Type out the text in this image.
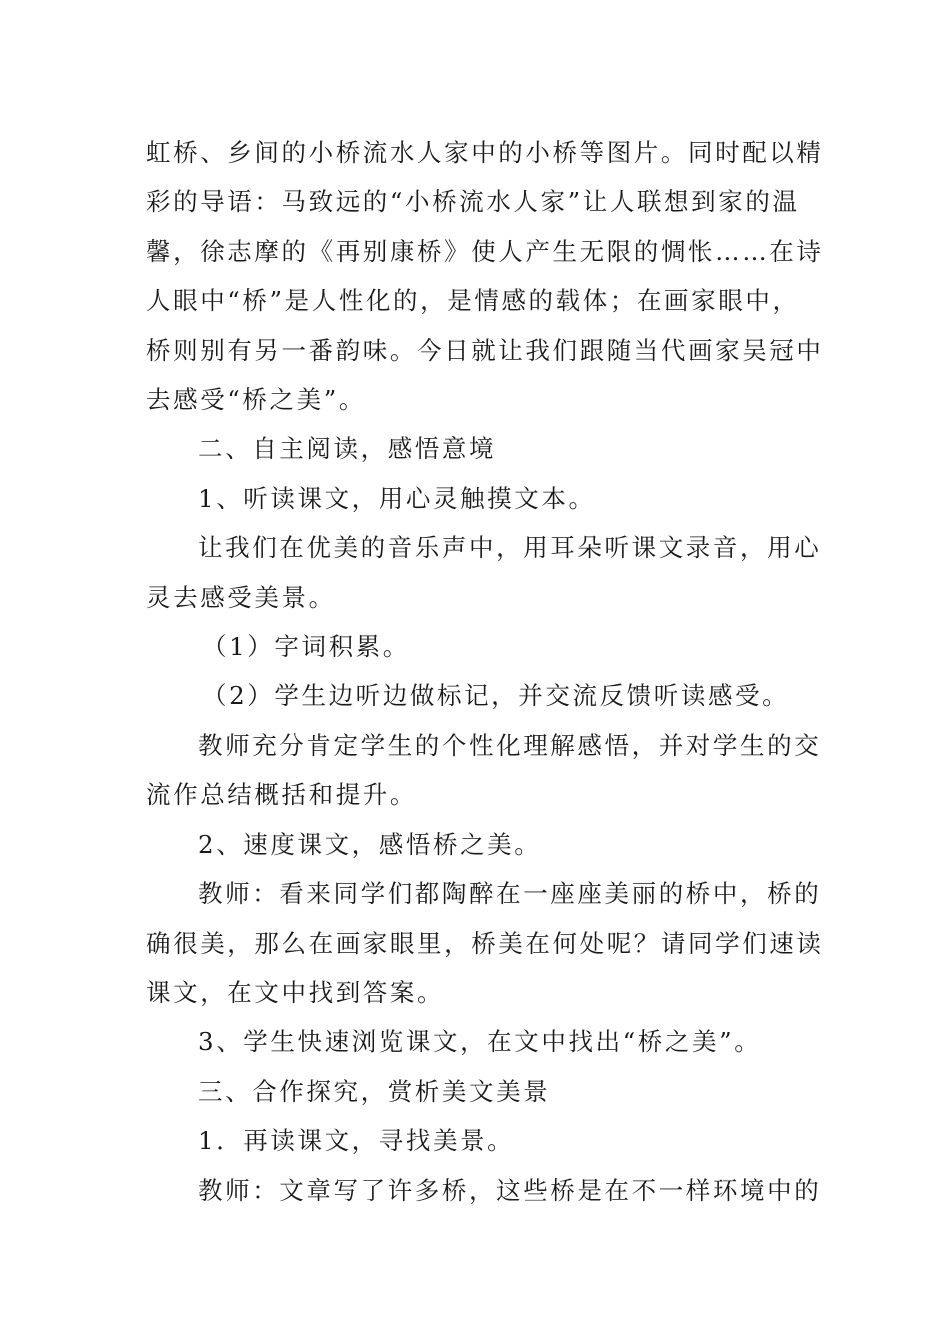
虹桥、乡间的小桥流水人家中的小桥等图片。同时配以精
彩的导语：马致远的“小桥流水人家”让人联想到家的温
馨，徐志摩的《再别康桥》使人产生无限的惆怅……在诗
人眼中“桥”是人性化的，是情感的载体；在画家眼中，
桥则别有另一番韵味。今日就让我们跟随当代画家吴冠中
去感受“桥之美”。

二、自主阅读，感悟意境

1、听读课文，用心灵触摸文本。

让我们在优美的音乐声中，用耳朵听课文录音，用心
灵去感受美景。

（1）字词积累。

（2）学生边听边做标记，并交流反馈听读感受。

教师充分肯定学生的个性化理解感悟，并对学生的交
流作总结概括和提升。

2、速度课文，感悟桥之美。

教师：看来同学们都陶醉在一座座美丽的桥中，桥的
确很美，那么在画家眼里，桥美在何处呢？请同学们速读
课文，在文中找到答案。

3、学生快速浏览课文，在文中找出“桥之美”。

三、合作探究，赏析美文美景

1．再读课文，寻找美景。

教师：文章写了许多桥，这些桥是在不一样环境中的
